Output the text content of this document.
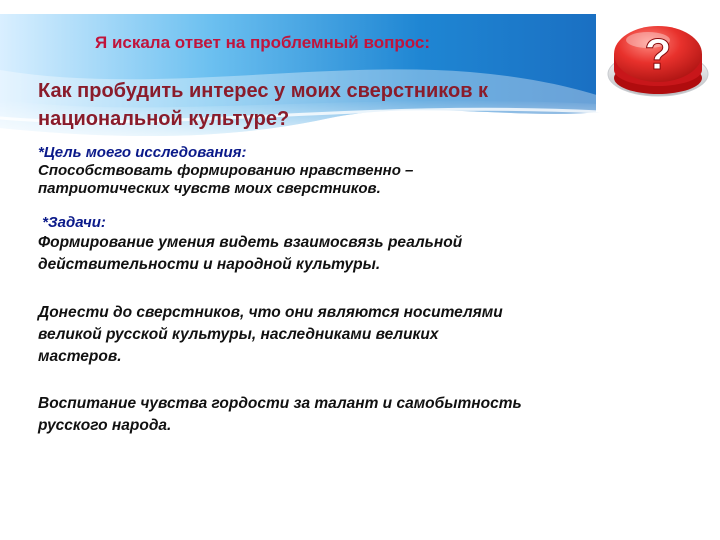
Я искала ответ на проблемный вопрос:

Как пробудить интерес у моих сверстников к национальной культуре?

*Цель моего исследования:

Способствовать формированию нравственно –

патриотических чувств моих сверстников.

*Задачи:

Формирование умения видеть взаимосвязь реальной

действительности и народной культуры.

Донести до сверстников, что они являются носителями

великой русской культуры, наследниками великих

мастеров.

Воспитание чувства гордости за талант и самобытность

русского народа.

?
